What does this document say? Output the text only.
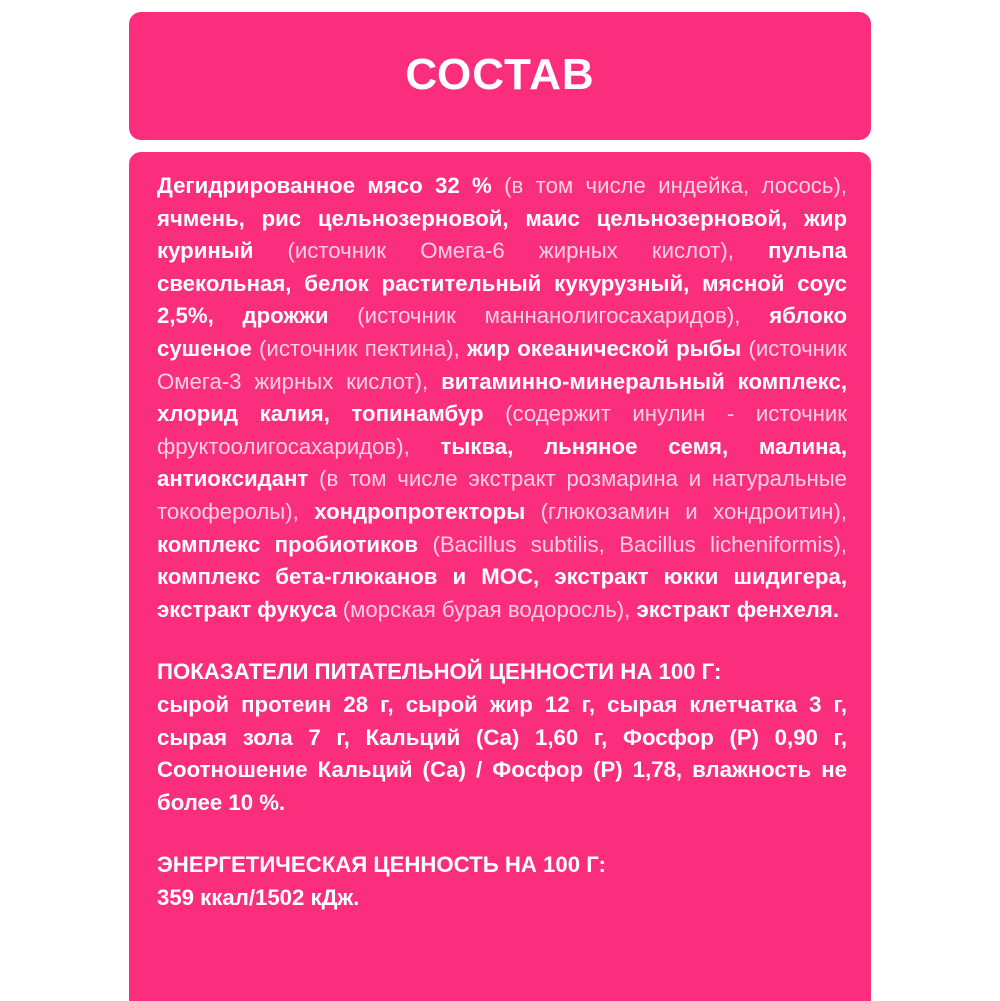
СОСТАВ

Дегидрированное мясо 32 % (в том числе индейка, лосось), ячмень, рис цельнозерновой, маис цельнозерновой, жир куриный (источник Омега-6 жирных кислот), пульпа свекольная, белок растительный кукурузный, мясной соус 2,5%, дрожжи (источник маннанолигосахаридов), яблоко сушеное (источник пектина), жир океанической рыбы (источник Омега-3 жирных кислот), витаминно-минеральный комплекс, хлорид калия, топинамбур (содержит инулин - источник фруктоолигосахаридов), тыква, льняное семя, малина, антиоксидант (в том числе экстракт розмарина и натуральные токоферолы), хондропротекторы (глюкозамин и хондроитин), комплекс пробиотиков (Bacillus subtilis, Bacillus licheniformis), комплекс бета-глюканов и МОС, экстракт юкки шидигера, экстракт фукуса (морская бурая водоросль), экстракт фенхеля.

ПОКАЗАТЕЛИ ПИТАТЕЛЬНОЙ ЦЕННОСТИ НА 100 Г:
сырой протеин 28 г, сырой жир 12 г, сырая клетчатка 3 г, сырая зола 7 г, Кальций (Са) 1,60 г, Фосфор (Р) 0,90 г, Соотношение Кальций (Са) / Фосфор (Р) 1,78, влажность не более 10 %.

ЭНЕРГЕТИЧЕСКАЯ ЦЕННОСТЬ НА 100 Г:
359 ккал/1502 кДж.
